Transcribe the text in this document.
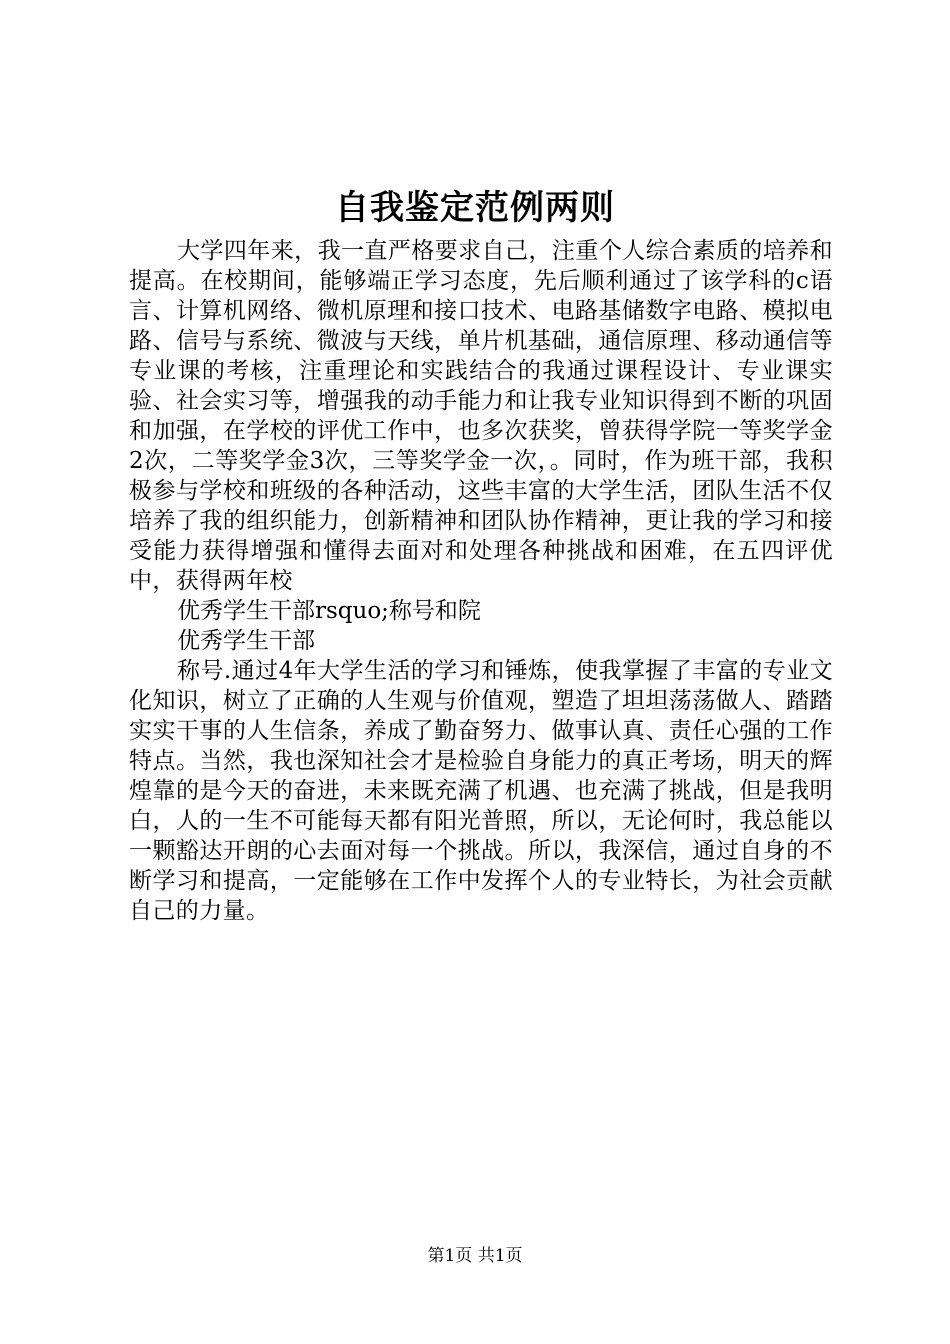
自我鉴定范例两则

大学四年来，我一直严格要求自己，注重个人综合素质的培养和提高。在校期间，能够端正学习态度，先后顺利通过了该学科的c语言、计算机网络、微机原理和接口技术、电路基储数字电路、模拟电路、信号与系统、微波与天线，单片机基础，通信原理、移动通信等专业课的考核，注重理论和实践结合的我通过课程设计、专业课实验、社会实习等，增强我的动手能力和让我专业知识得到不断的巩固和加强，在学校的评优工作中，也多次获奖，曾获得学院一等奖学金2次，二等奖学金3次，三等奖学金一次，。同时，作为班干部，我积极参与学校和班级的各种活动，这些丰富的大学生活，团队生活不仅培养了我的组织能力，创新精神和团队协作精神，更让我的学习和接受能力获得增强和懂得去面对和处理各种挑战和困难，在五四评优中，获得两年校

优秀学生干部rsquo;称号和院

优秀学生干部

称号.通过4年大学生活的学习和锤炼，使我掌握了丰富的专业文化知识，树立了正确的人生观与价值观，塑造了坦坦荡荡做人、踏踏实实干事的人生信条，养成了勤奋努力、做事认真、责任心强的工作特点。当然，我也深知社会才是检验自身能力的真正考场，明天的辉煌靠的是今天的奋进，未来既充满了机遇、也充满了挑战，但是我明白，人的一生不可能每天都有阳光普照，所以，无论何时，我总能以一颗豁达开朗的心去面对每一个挑战。所以，我深信，通过自身的不断学习和提高，一定能够在工作中发挥个人的专业特长，为社会贡献自己的力量。

第1页 共1页
